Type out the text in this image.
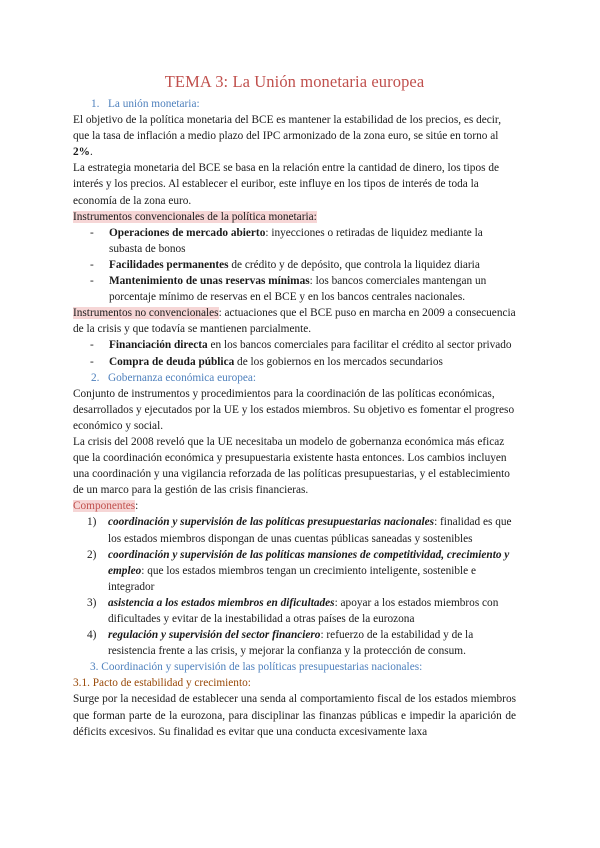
TEMA 3: La Unión monetaria europea

1. La unión monetaria:

El objetivo de la política monetaria del BCE es mantener la estabilidad de los precios, es decir, que la tasa de inflación a medio plazo del IPC armonizado de la zona euro, se sitúe en torno al 2%.

La estrategia monetaria del BCE se basa en la relación entre la cantidad de dinero, los tipos de interés y los precios. Al establecer el euribor, este influye en los tipos de interés de toda la economía de la zona euro.

Instrumentos convencionales de la política monetaria:

- Operaciones de mercado abierto: inyecciones o retiradas de liquidez mediante la subasta de bonos
- Facilidades permanentes de crédito y de depósito, que controla la liquidez diaria
- Mantenimiento de unas reservas mínimas: los bancos comerciales mantengan un porcentaje mínimo de reservas en el BCE y en los bancos centrales nacionales.

Instrumentos no convencionales: actuaciones que el BCE puso en marcha en 2009 a consecuencia de la crisis y que todavía se mantienen parcialmente.

- Financiación directa en los bancos comerciales para facilitar el crédito al sector privado
- Compra de deuda pública de los gobiernos en los mercados secundarios

2. Gobernanza económica europea:

Conjunto de instrumentos y procedimientos para la coordinación de las políticas económicas, desarrollados y ejecutados por la UE y los estados miembros. Su objetivo es fomentar el progreso económico y social.

La crisis del 2008 reveló que la UE necesitaba un modelo de gobernanza económica más eficaz que la coordinación económica y presupuestaria existente hasta entonces. Los cambios incluyen una coordinación y una vigilancia reforzada de las políticas presupuestarias, y el establecimiento de un marco para la gestión de las crisis financieras.

Componentes:

1) coordinación y supervisión de las políticas presupuestarias nacionales: finalidad es que los estados miembros dispongan de unas cuentas públicas saneadas y sostenibles
2) coordinación y supervisión de las políticas mansiones de competitividad, crecimiento y empleo: que los estados miembros tengan un crecimiento inteligente, sostenible e integrador
3) asistencia a los estados miembros en dificultades: apoyar a los estados miembros con dificultades y evitar de la inestabilidad a otras países de la eurozona
4) regulación y supervisión del sector financiero: refuerzo de la estabilidad y de la resistencia frente a las crisis, y mejorar la confianza y la protección de consum.

3. Coordinación y supervisión de las políticas presupuestarias nacionales:

3.1. Pacto de estabilidad y crecimiento:

Surge por la necesidad de establecer una senda al comportamiento fiscal de los estados miembros que forman parte de la eurozona, para disciplinar las finanzas públicas e impedir la aparición de déficits excesivos. Su finalidad es evitar que una conducta excesivamente laxa
